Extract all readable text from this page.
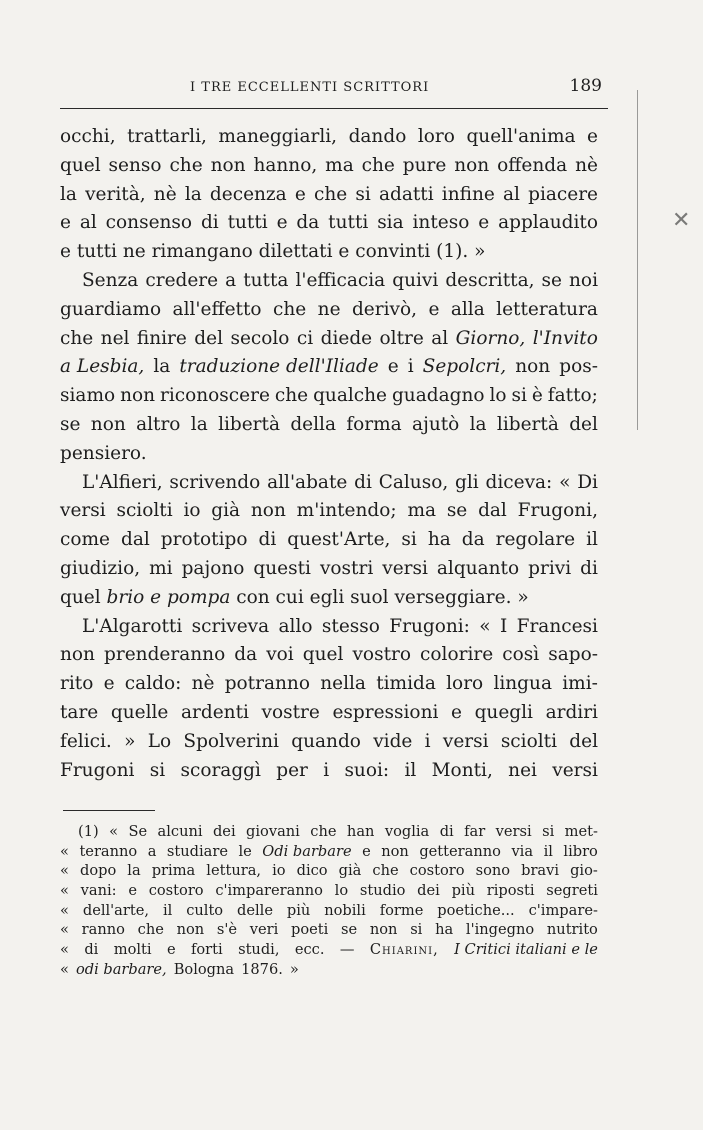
I TRE ECCELLENTI SCRITTORI	189
occhi, trattarli, maneggiarli, dando loro quell'anima e
quel senso che non hanno, ma che pure non offenda nè
la verità, nè la decenza e che si adatti infine al piacere
e al consenso di tutti e da tutti sia inteso e applaudito
e tutti ne rimangano dilettati e convinti (1). »
Senza credere a tutta l'efficacia quivi descritta, se noi
guardiamo all'effetto che ne derivò, e alla letteratura
che nel finire del secolo ci diede oltre al Giorno, l'Invito
a Lesbia, la traduzione dell'Iliade e i Sepolcri, non pos-
siamo non riconoscere che qualche guadagno lo si è fatto;
se non altro la libertà della forma ajutò la libertà del
pensiero.
L'Alfieri, scrivendo all'abate di Caluso, gli diceva: « Di
versi sciolti io già non m'intendo; ma se dal Frugoni,
come dal prototipo di quest'Arte, si ha da regolare il
giudizio, mi pajono questi vostri versi alquanto privi di
quel brio e pompa con cui egli suol verseggiare. »
L'Algarotti scriveva allo stesso Frugoni: « I Francesi
non prenderanno da voi quel vostro colorire così sapo-
rito e caldo: nè potranno nella timida loro lingua imi-
tare quelle ardenti vostre espressioni e quegli ardiri
felici. » Lo Spolverini quando vide i versi sciolti del
Frugoni si scoraggì per i suoi: il Monti, nei versi
(1) « Se alcuni dei giovani che han voglia di far versi si met-
« teranno a studiare le Odi barbare e non getteranno via il libro
« dopo la prima lettura, io dico già che costoro sono bravi gio-
« vani: e costoro c'impareranno lo studio dei più riposti segreti
« dell'arte, il culto delle più nobili forme poetiche... c'impare-
« ranno che non s'è veri poeti se non si ha l'ingegno nutrito
« di molti e forti studi, ecc. — Chiarini, I Critici italiani e le
« odi barbare, Bologna 1876. »
✕
